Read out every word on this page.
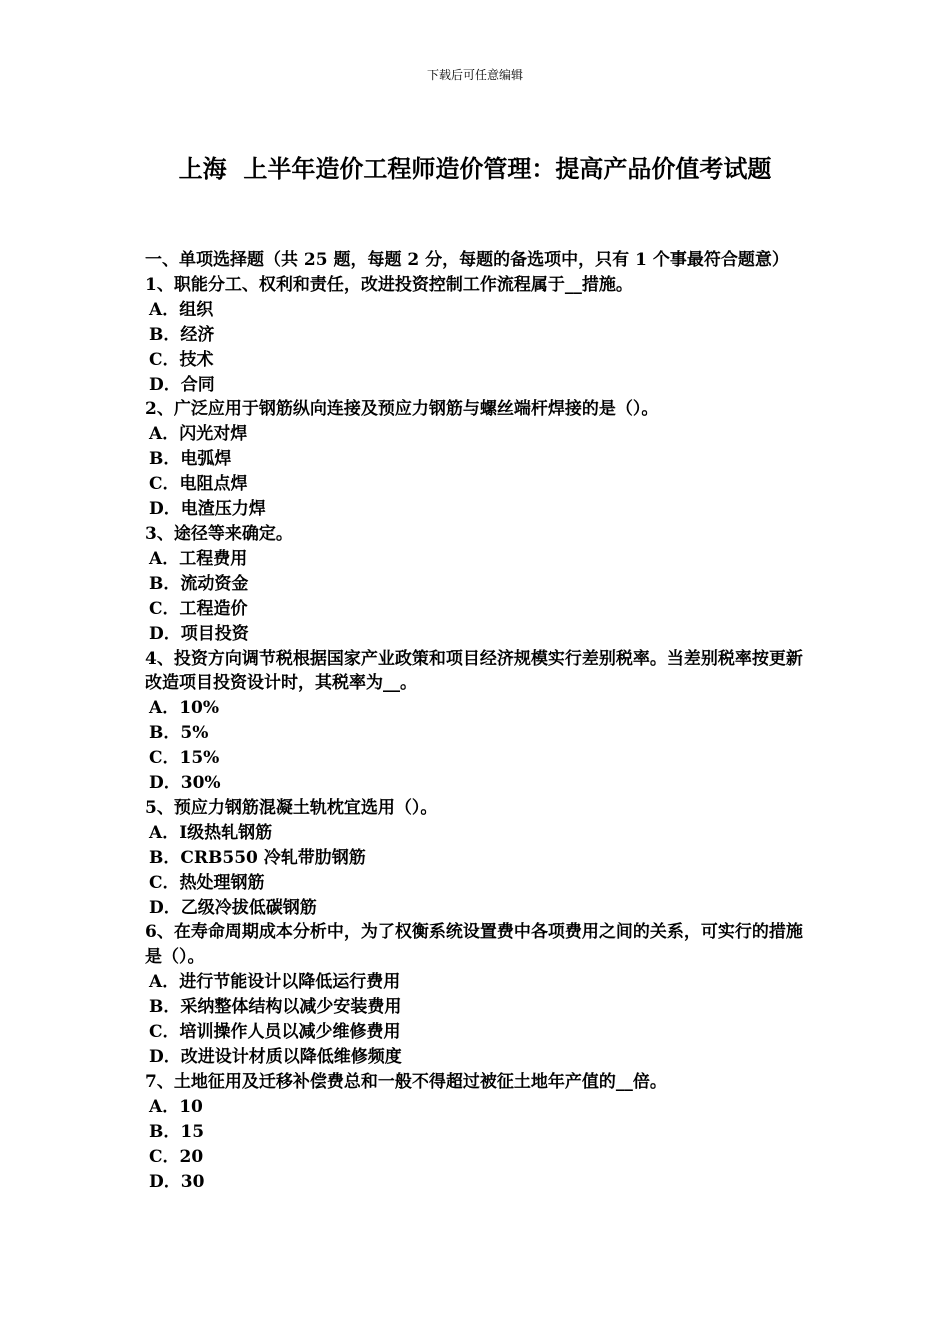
下载后可任意编辑
上海  上半年造价工程师造价管理：提高产品价值考试题
一、单项选择题（共 25 题，每题 2 分，每题的备选项中，只有 1 个事最符合题意）
1、职能分工、权利和责任，改进投资控制工作流程属于__措施。
A．组织
B．经济
C．技术
D．合同
2、广泛应用于钢筋纵向连接及预应力钢筋与螺丝端杆焊接的是（）。
A．闪光对焊
B．电弧焊
C．电阻点焊
D．电渣压力焊
3、途径等来确定。
A．工程费用
B．流动资金
C．工程造价
D．项目投资
4、投资方向调节税根据国家产业政策和项目经济规模实行差别税率。当差别税率按更新改造项目投资设计时，其税率为__。
A．10%
B．5%
C．15%
D．30%
5、预应力钢筋混凝土轨枕宜选用（）。
A．Ⅰ级热轧钢筋
B．CRB550 冷轧带肋钢筋
C．热处理钢筋
D．乙级冷拔低碳钢筋
6、在寿命周期成本分析中，为了权衡系统设置费中各项费用之间的关系，可实行的措施是（）。
A．进行节能设计以降低运行费用
B．采纳整体结构以减少安装费用
C．培训操作人员以减少维修费用
D．改进设计材质以降低维修频度
7、土地征用及迁移补偿费总和一般不得超过被征土地年产值的__倍。
A．10
B．15
C．20
D．30
